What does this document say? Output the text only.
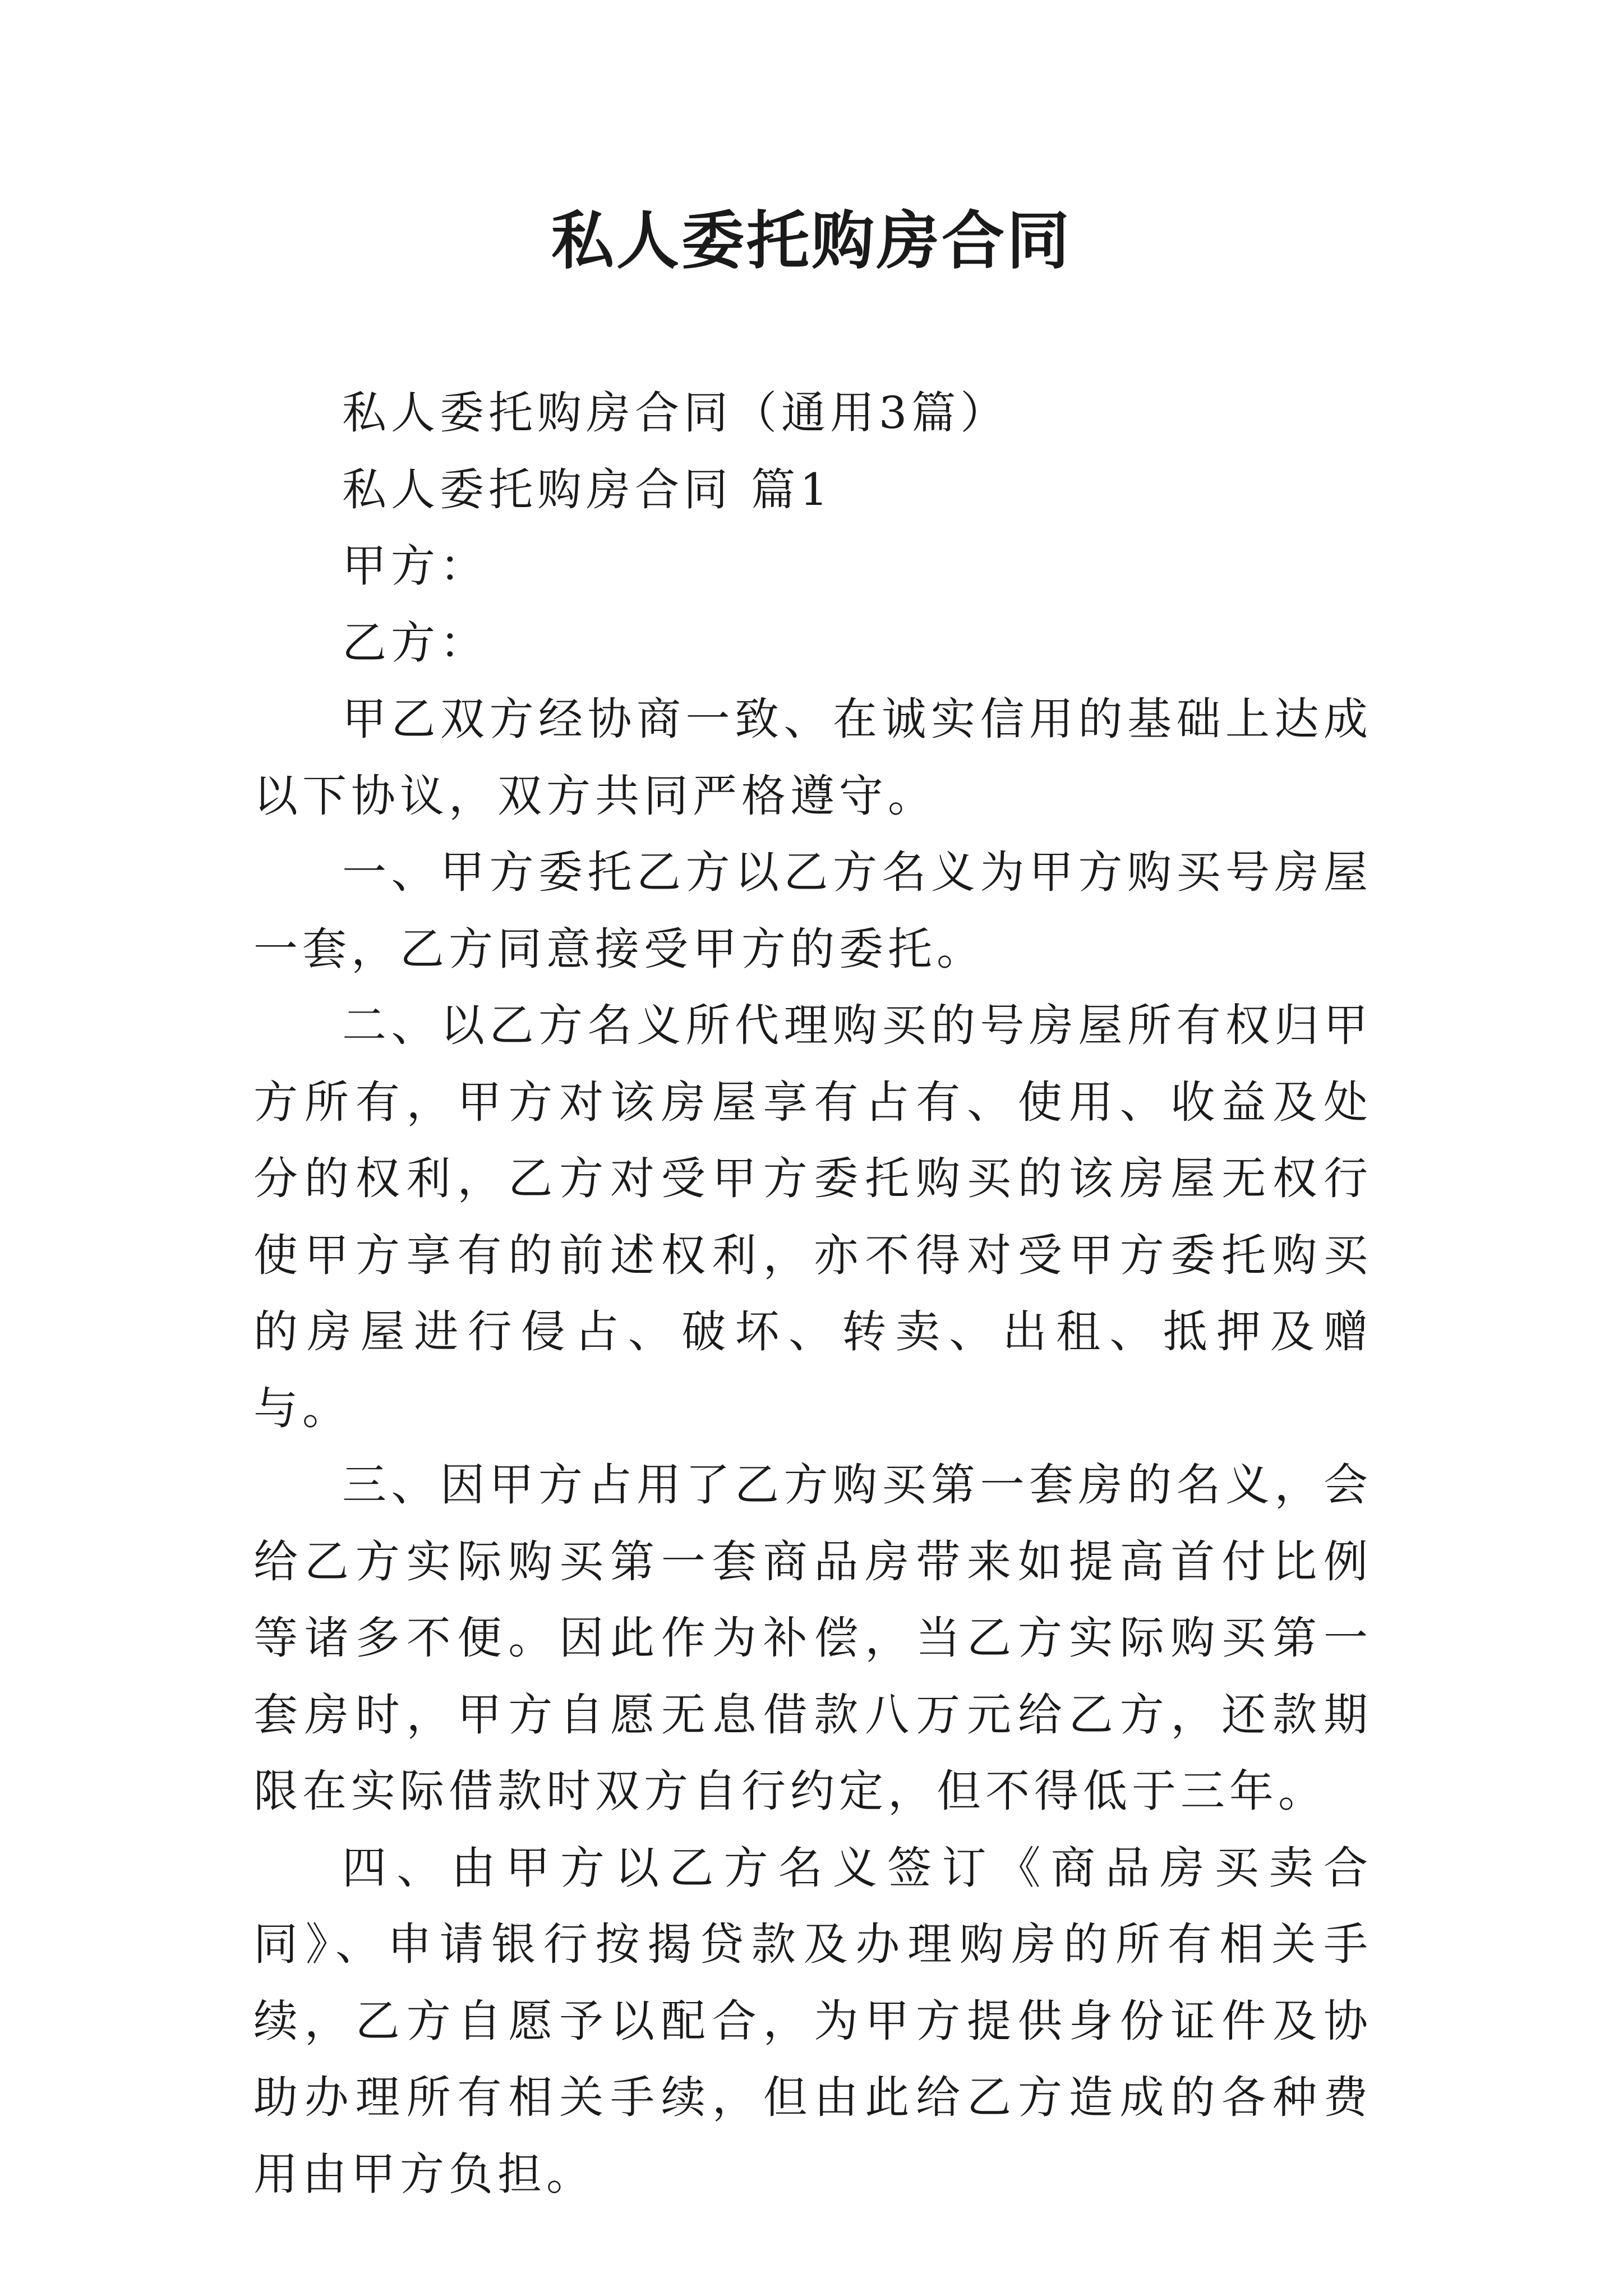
私人委托购房合同

私人委托购房合同（通用3篇）

私人委托购房合同 篇1

甲方：

乙方：

甲乙双方经协商一致、在诚实信用的基础上达成以下协议，双方共同严格遵守。

一、甲方委托乙方以乙方名义为甲方购买号房屋一套，乙方同意接受甲方的委托。

二、以乙方名义所代理购买的号房屋所有权归甲方所有，甲方对该房屋享有占有、使用、收益及处分的权利，乙方对受甲方委托购买的该房屋无权行使甲方享有的前述权利，亦不得对受甲方委托购买的房屋进行侵占、破坏、转卖、出租、抵押及赠与。

三、因甲方占用了乙方购买第一套房的名义，会给乙方实际购买第一套商品房带来如提高首付比例等诸多不便。因此作为补偿，当乙方实际购买第一套房时，甲方自愿无息借款八万元给乙方，还款期限在实际借款时双方自行约定，但不得低于三年。

四、由甲方以乙方名义签订《商品房买卖合同》、申请银行按揭贷款及办理购房的所有相关手续，乙方自愿予以配合，为甲方提供身份证件及协助办理所有相关手续，但由此给乙方造成的各种费用由甲方负担。
